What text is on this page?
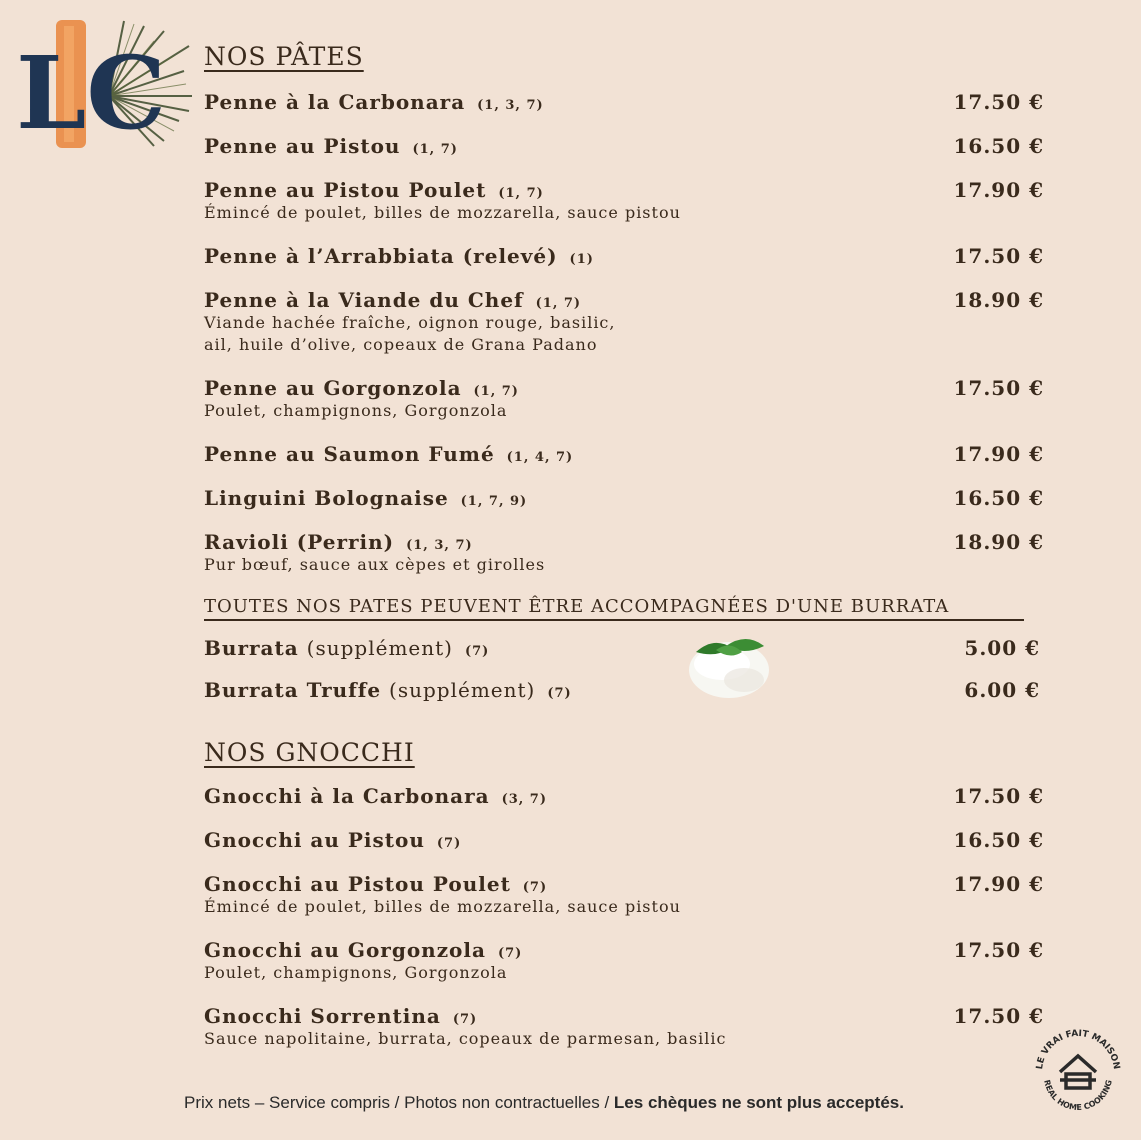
LC NOS PÂTES
Penne à la Carbonara (1, 3, 7)	17.50 €
Penne au Pistou (1, 7)	16.50 €
Penne au Pistou Poulet (1, 7)	17.90 €
Émincé de poulet, billes de mozzarella, sauce pistou
Penne à l’Arrabbiata (relevé) (1)	17.50 €
Penne à la Viande du Chef (1, 7)	18.90 €
Viande hachée fraîche, oignon rouge, basilic,
ail, huile d’olive, copeaux de Grana Padano
Penne au Gorgonzola (1, 7)	17.50 €
Poulet, champignons, Gorgonzola
Penne au Saumon Fumé (1, 4, 7)	17.90 €
Linguini Bolognaise (1, 7, 9)	16.50 €
Ravioli (Perrin) (1, 3, 7)	18.90 €
Pur bœuf, sauce aux cèpes et girolles
TOUTES NOS PATES PEUVENT ÊTRE ACCOMPAGNÉES D'UNE BURRATA
Burrata (supplément) (7)	5.00 €
Burrata Truffe (supplément) (7)	6.00 €
NOS GNOCCHI
Gnocchi à la Carbonara (3, 7)	17.50 €
Gnocchi au Pistou (7)	16.50 €
Gnocchi au Pistou Poulet (7)	17.90 €
Émincé de poulet, billes de mozzarella, sauce pistou
Gnocchi au Gorgonzola (7)	17.50 €
Poulet, champignons, Gorgonzola
Gnocchi Sorrentina (7)	17.50 €
Sauce napolitaine, burrata, copeaux de parmesan, basilic
Prix nets – Service compris / Photos non contractuelles / Les chèques ne sont plus acceptés.
LE VRAI FAIT MAISON
REAL HOME COOKING
